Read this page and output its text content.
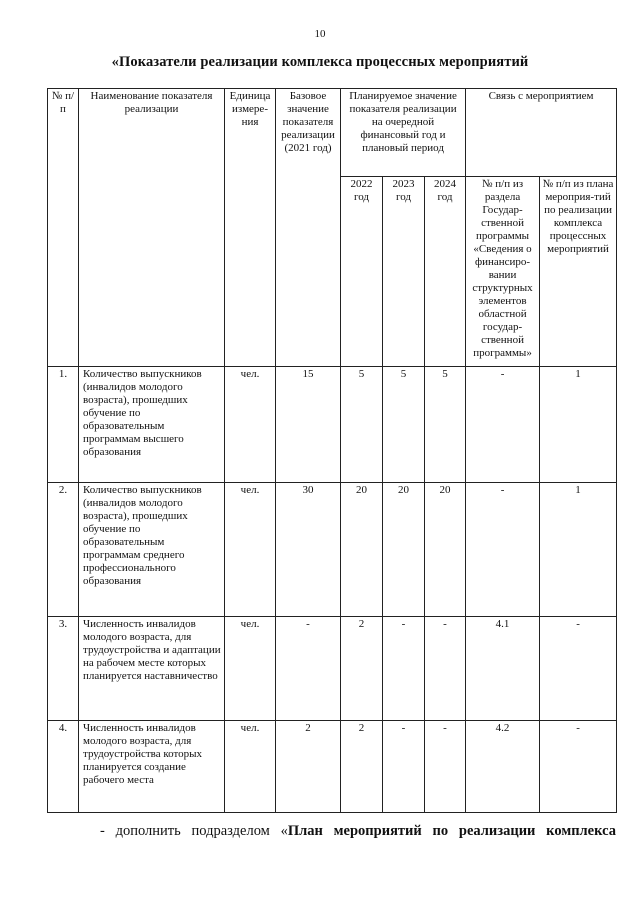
10
«Показатели реализации комплекса процессных мероприятий
№ п/п	Наименование показателя реализации	Единица измере-ния	Базовое значение показателя реализации (2021 год)	Планируемое значение показателя реализации на очередной финансовый год и плановый период			Связь с мероприятием	
				2022 год	2023 год	2024 год	№ п/п из раздела Государ-ственной программы «Сведения о финансиро-вании структурных элементов областной государ-ственной программы»	№ п/п из плана мероприя-тий по реализации комплекса процессных мероприятий
1.	Количество выпускников (инвалидов молодого возраста), прошедших обучение по образовательным программам высшего образования	чел.	15	5	5	5	-	1
2.	Количество выпускников (инвалидов молодого возраста), прошедших обучение по образовательным программам среднего профессионального образования	чел.	30	20	20	20	-	1
3.	Численность инвалидов молодого возраста, для трудоустройства и адаптации на рабочем месте которых планируется наставничество	чел.	-	2	-	-	4.1	-
4.	Численность инвалидов молодого возраста, для трудоустройства которых планируется создание рабочего места	чел.	2	2	-	-	4.2	-
- дополнить подразделом «План мероприятий по реализации комплекса
